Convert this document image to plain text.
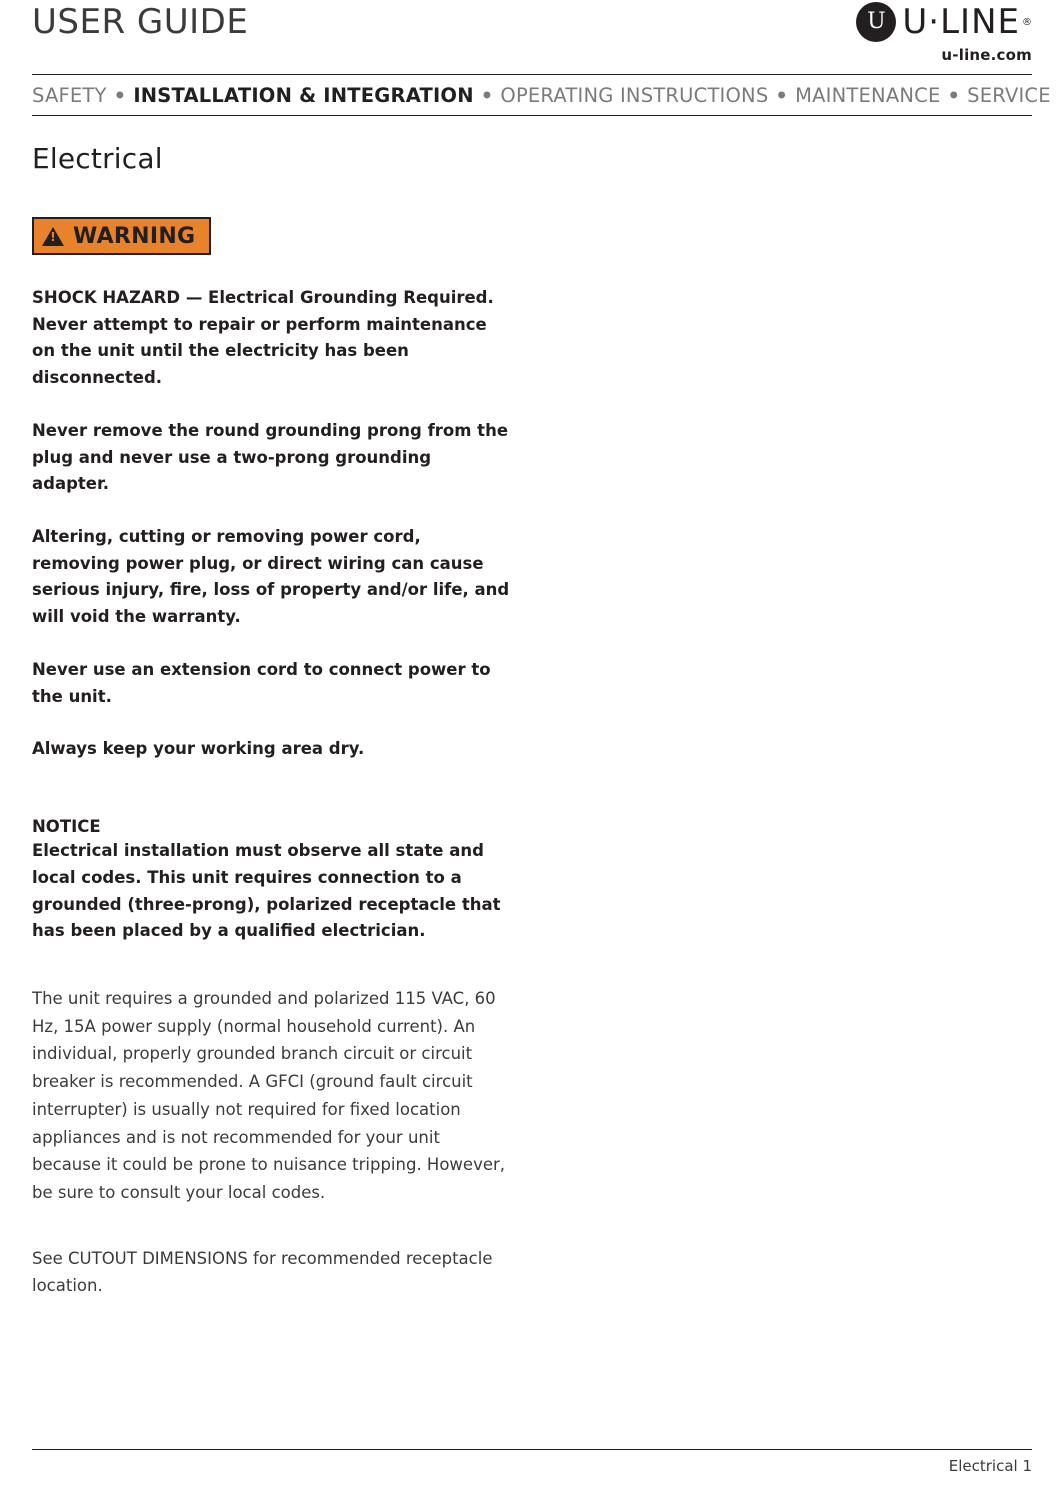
USER GUIDE	U U·LINE ®
u-line.com
SAFETY • INSTALLATION & INTEGRATION • OPERATING INSTRUCTIONS • MAINTENANCE • SERVICE
Electrical
!
WARNING

SHOCK HAZARD — Electrical Grounding Required. Never attempt to repair or perform maintenance on the unit until the electricity has been disconnected.

Never remove the round grounding prong from the plug and never use a two-prong grounding adapter.

Altering, cutting or removing power cord, removing power plug, or direct wiring can cause serious injury, fire, loss of property and/or life, and will void the warranty.

Never use an extension cord to connect power to the unit.

Always keep your working area dry.

NOTICE

Electrical installation must observe all state and local codes. This unit requires connection to a grounded (three-prong), polarized receptacle that has been placed by a qualified electrician.

The unit requires a grounded and polarized 115 VAC, 60 Hz, 15A power supply (normal household current). An individual, properly grounded branch circuit or circuit breaker is recommended. A GFCI (ground fault circuit interrupter) is usually not required for fixed location appliances and is not recommended for your unit because it could be prone to nuisance tripping. However, be sure to consult your local codes.

See CUTOUT DIMENSIONS for recommended receptacle location.

Electrical 1
